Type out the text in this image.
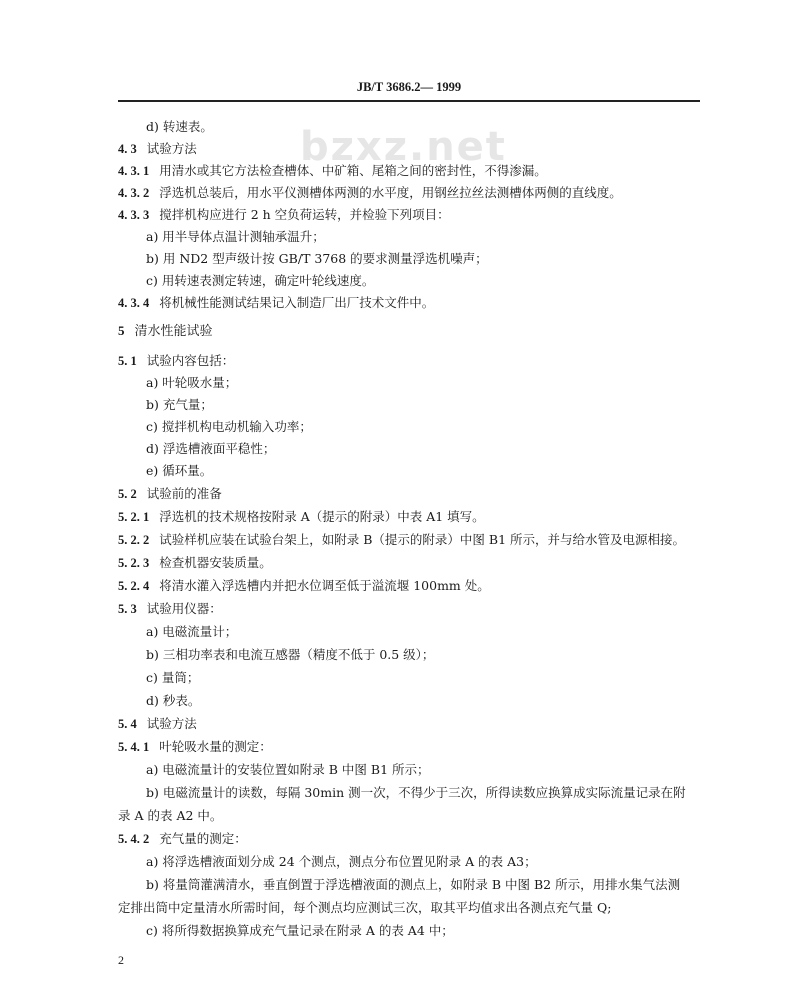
JB/T 3686.2— 1999
bzxz.net
d) 转速表。
4. 3 试验方法
4. 3. 1 用清水或其它方法检查槽体、中矿箱、尾箱之间的密封性，不得渗漏。
4. 3. 2 浮选机总装后，用水平仪测槽体两测的水平度，用钢丝拉丝法测槽体两侧的直线度。
4. 3. 3 搅拌机构应进行 2 h 空负荷运转，并检验下列项目：
a) 用半导体点温计测轴承温升；
b) 用 ND2 型声级计按 GB/T 3768 的要求测量浮选机噪声；
c) 用转速表测定转速，确定叶轮线速度。
4. 3. 4 将机械性能测试结果记入制造厂出厂技术文件中。
5 清水性能试验
5. 1 试验内容包括：
a) 叶轮吸水量；
b) 充气量；
c) 搅拌机构电动机输入功率；
d) 浮选槽液面平稳性；
e) 循环量。
5. 2 试验前的准备
5. 2. 1 浮选机的技术规格按附录 A（提示的附录）中表 A1 填写。
5. 2. 2 试验样机应装在试验台架上，如附录 B（提示的附录）中图 B1 所示，并与给水管及电源相接。
5. 2. 3 检查机器安装质量。
5. 2. 4 将清水灌入浮选槽内并把水位调至低于溢流堰 100mm 处。
5. 3 试验用仪器：
a) 电磁流量计；
b) 三相功率表和电流互感器（精度不低于 0.5 级）；
c) 量筒；
d) 秒表。
5. 4 试验方法
5. 4. 1 叶轮吸水量的测定：
a) 电磁流量计的安装位置如附录 B 中图 B1 所示；
b) 电磁流量计的读数，每隔 30min 测一次，不得少于三次，所得读数应换算成实际流量记录在附
录 A 的表 A2 中。
5. 4. 2 充气量的测定：
a) 将浮选槽液面划分成 24 个测点，测点分布位置见附录 A 的表 A3；
b) 将量筒灌满清水，垂直倒置于浮选槽液面的测点上，如附录 B 中图 B2 所示，用排水集气法测
定排出筒中定量清水所需时间，每个测点均应测试三次，取其平均值求出各测点充气量 Q;
c) 将所得数据换算成充气量记录在附录 A 的表 A4 中；
2
